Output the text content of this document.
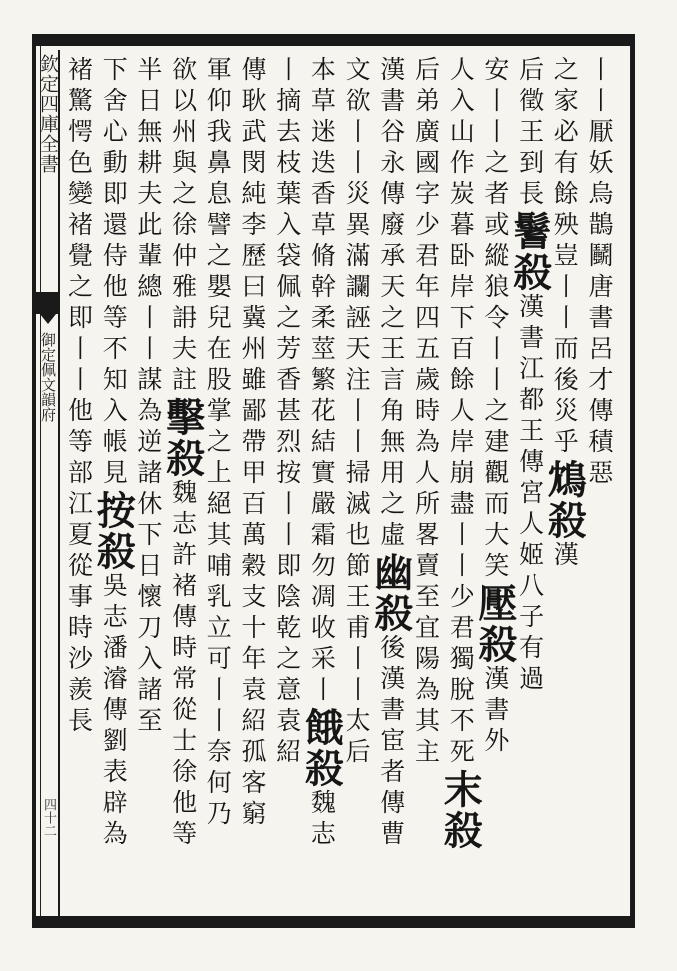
欽定四庫全書
御定佩文韻府
四十二
丨丨厭妖烏鵲鬭唐書呂才傳積惡
之家必有餘殃豈丨丨而後災乎鴆殺漢
后徵王到長鬐殺漢書江都王傳宮人姬八子有過
安丨丨之者或縱狼令丨丨之建觀而大笑壓殺漢書外
人入山作炭暮卧岸下百餘人岸崩盡丨丨少君獨脫不死末殺
后弟廣國字少君年四五歲時為人所畧賣至宜陽為其主
漢書谷永傳廢承天之王言角無用之虛幽殺後漢書宦者傳曹
文欲丨丨災異滿讕誣天注丨丨掃滅也節王甫丨丨太后
本草迷迭香草脩幹柔莖繁花結實嚴霜勿凋收采丨餓殺魏志
丨摘去枝葉入袋佩之芳香甚烈按丨丨即陰乾之意袁紹
傳耿武閔純李歷曰冀州雖鄙帶甲百萬穀支十年袁紹孤客窮
軍仰我鼻息譬之嬰兒在股掌之上絕其哺乳立可丨丨奈何乃
欲以州與之徐仲雅䛁夫註擊殺魏志許褚傳時常從士徐他等
半日無耕夫此輩總丨丨謀為逆諸休下日懷刀入諸至
下舍心動即還侍他等不知入帳見按殺吳志潘濬傳劉表辟為
褚驚愕色變褚覺之即丨丨他等部江夏從事時沙羨長
